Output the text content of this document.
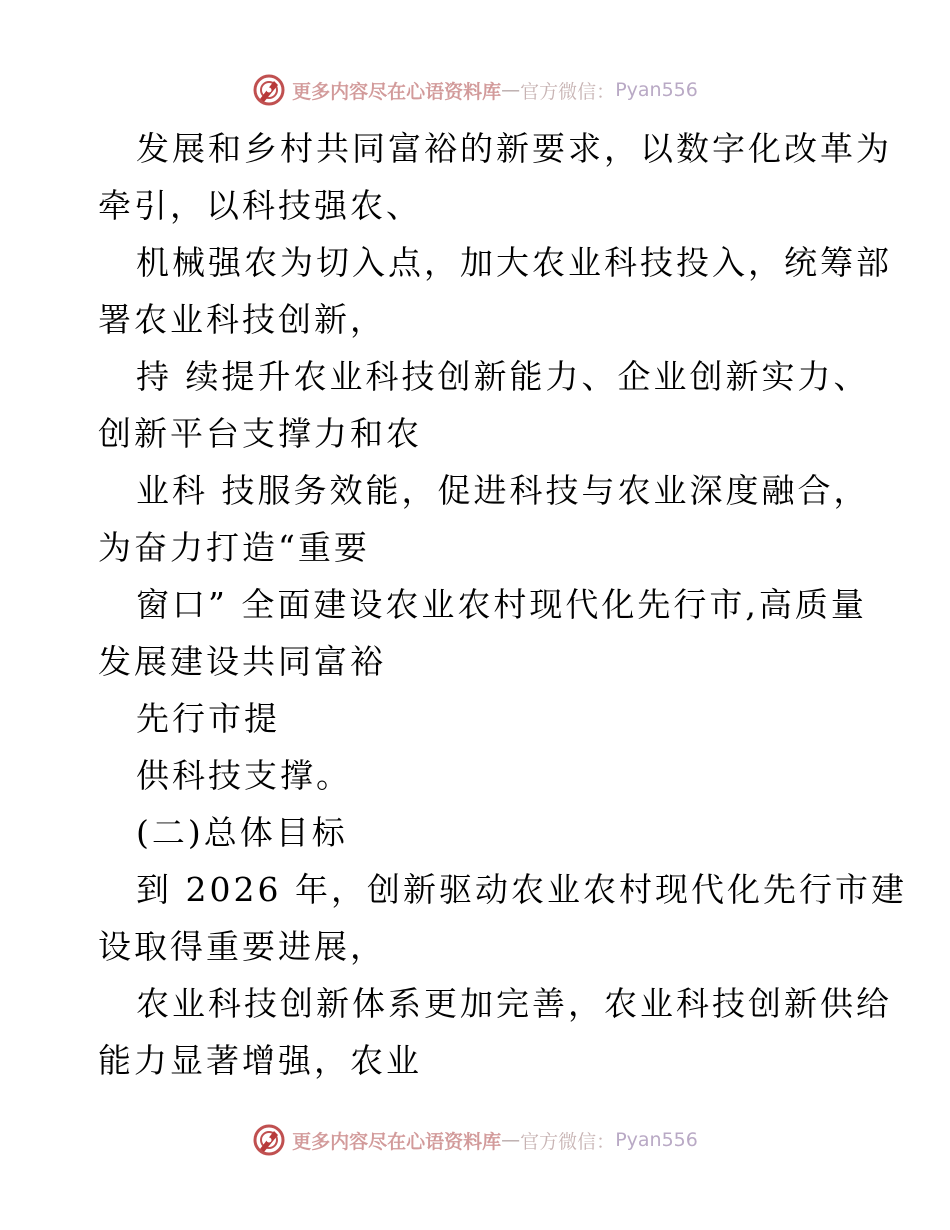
更多内容尽在心语资料库 — 官方微信： Pyan556
发展和乡村共同富裕的新要求，以数字化改革为
牵引，以科技强农、
机械强农为切入点，加大农业科技投入，统筹部
署农业科技创新，
持 续提升农业科技创新能力、企业创新实力、
创新平台支撑力和农
业科 技服务效能，促进科技与农业深度融合，
为奋力打造“重要
窗口” 全面建设农业农村现代化先行市,高质量
发展建设共同富裕
先行市提
供科技支撑。
(二)总体目标
到 2026 年，创新驱动农业农村现代化先行市建
设取得重要进展，
农业科技创新体系更加完善，农业科技创新供给
能力显著增强，农业
更多内容尽在心语资料库 — 官方微信： Pyan556
